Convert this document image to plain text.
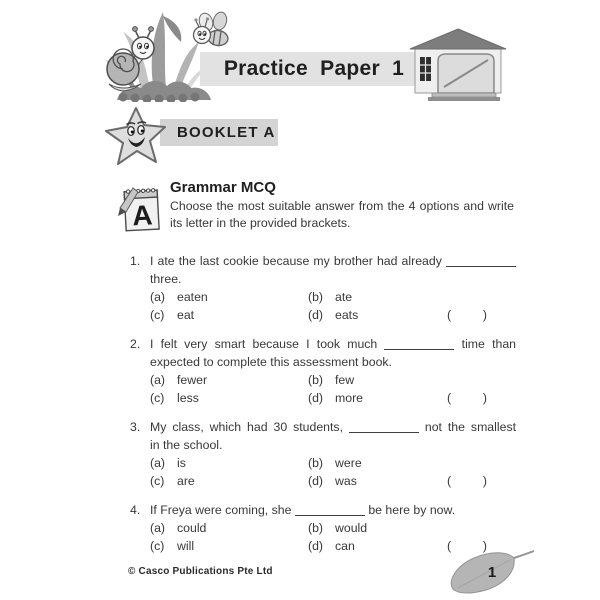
Practice Paper 1
BOOKLET A
A
Grammar MCQ

Choose the most suitable answer from the 4 options and write its letter in the provided brackets.

1. I ate the last cookie because my brother had already
three.
(a) eaten	(b) ate
(c)	eat	(d) eats	(	)
2. I felt very smart because I took much	time than
expected to complete this assessment book.
(a) fewer	(b) few
(c)	less	(d) more	(	)
3. My class, which had 30 students,	not the smallest
in the school.
(a) is	(b) were
(c)	are	(d) was	(	)
4. If Freya were coming, she	be here by now.
(a) could	(b) would
(c)	will	(d) can	(	)
© Casco Publications Pte Ltd	1
